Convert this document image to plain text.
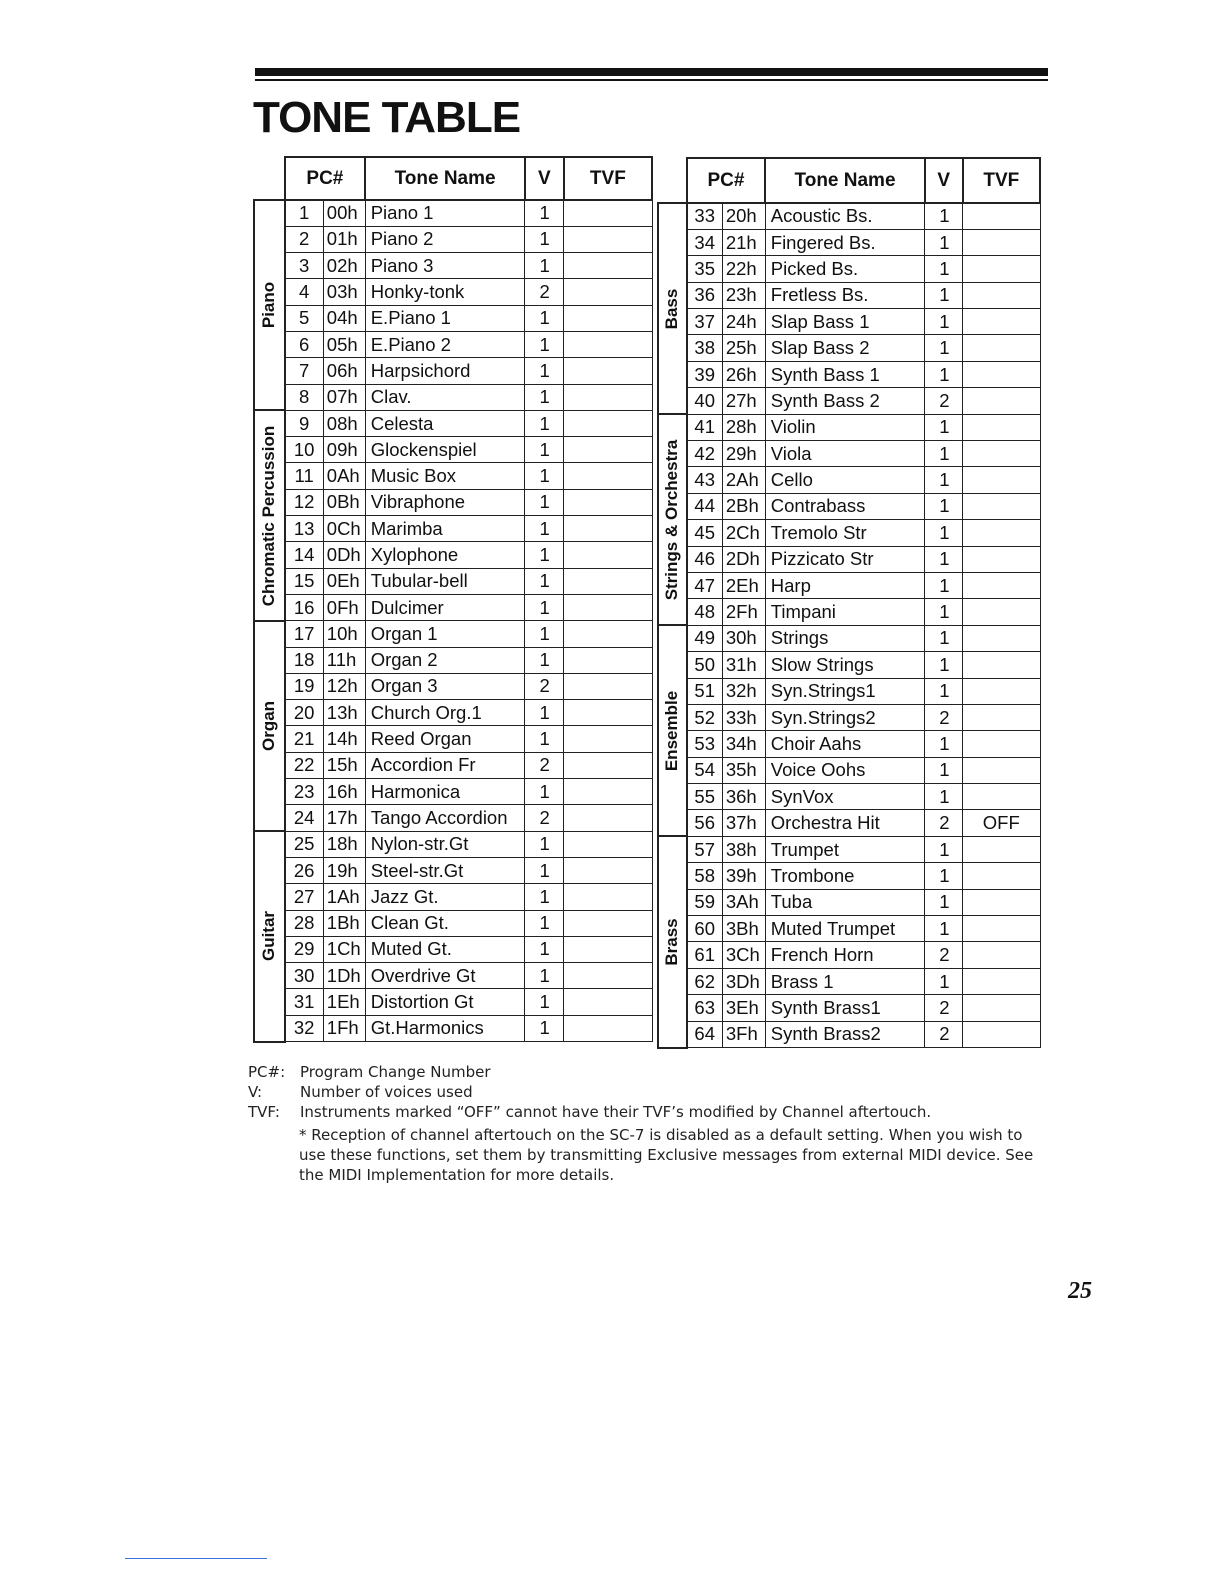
TONE TABLE
	PC#		Tone Name	V	TVF

Piano	1	00h	Piano 1	1	
	2	01h	Piano 2	1	
	3	02h	Piano 3	1	
	4	03h	Honky-tonk	2	
	5	04h	E.Piano 1	1	
	6	05h	E.Piano 2	1	
	7	06h	Harpsichord	1	
	8	07h	Clav.	1	

Chromatic Percussion	9	08h	Celesta	1	
	10	09h	Glockenspiel	1	
	11	0Ah	Music Box	1	
	12	0Bh	Vibraphone	1	
	13	0Ch	Marimba	1	
	14	0Dh	Xylophone	1	
	15	0Eh	Tubular-bell	1	
	16	0Fh	Dulcimer	1	

Organ	17	10h	Organ 1	1	
	18	11h	Organ 2	1	
	19	12h	Organ 3	2	
	20	13h	Church Org.1	1	
	21	14h	Reed Organ	1	
	22	15h	Accordion Fr	2	
	23	16h	Harmonica	1	
	24	17h	Tango Accordion	2	

Guitar	25	18h	Nylon-str.Gt	1	
	26	19h	Steel-str.Gt	1	
	27	1Ah	Jazz Gt.	1	
	28	1Bh	Clean Gt.	1	
	29	1Ch	Muted Gt.	1	
	30	1Dh	Overdrive Gt	1	
	31	1Eh	Distortion Gt	1	
	32	1Fh	Gt.Harmonics	1	
	PC#		Tone Name	V	TVF

Bass	33	20h	Acoustic Bs.	1	
	34	21h	Fingered Bs.	1	
	35	22h	Picked Bs.	1	
	36	23h	Fretless Bs.	1	
	37	24h	Slap Bass 1	1	
	38	25h	Slap Bass 2	1	
	39	26h	Synth Bass 1	1	
	40	27h	Synth Bass 2	2	

Strings & Orchestra	41	28h	Violin	1	
	42	29h	Viola	1	
	43	2Ah	Cello	1	
	44	2Bh	Contrabass	1	
	45	2Ch	Tremolo Str	1	
	46	2Dh	Pizzicato Str	1	
	47	2Eh	Harp	1	
	48	2Fh	Timpani	1	

Ensemble	49	30h	Strings	1	
	50	31h	Slow Strings	1	
	51	32h	Syn.Strings1	1	
	52	33h	Syn.Strings2	2	
	53	34h	Choir Aahs	1	
	54	35h	Voice Oohs	1	
	55	36h	SynVox	1	
	56	37h	Orchestra Hit	2	OFF

Brass	57	38h	Trumpet	1	
	58	39h	Trombone	1	
	59	3Ah	Tuba	1	
	60	3Bh	Muted Trumpet	1	
	61	3Ch	French Horn	2	
	62	3Dh	Brass 1	1	
	63	3Eh	Synth Brass1	2	
	64	3Fh	Synth Brass2	2	
PC#: Program Change Number
V:	Number of voices used
TVF:	Instruments marked “OFF” cannot have their TVF’s modified by Channel aftertouch.
* Reception of channel aftertouch on the SC-7 is disabled as a default setting. When you wish to use these functions, set them by transmitting Exclusive messages from external MIDI device. See the MIDI Implementation for more details.
25
